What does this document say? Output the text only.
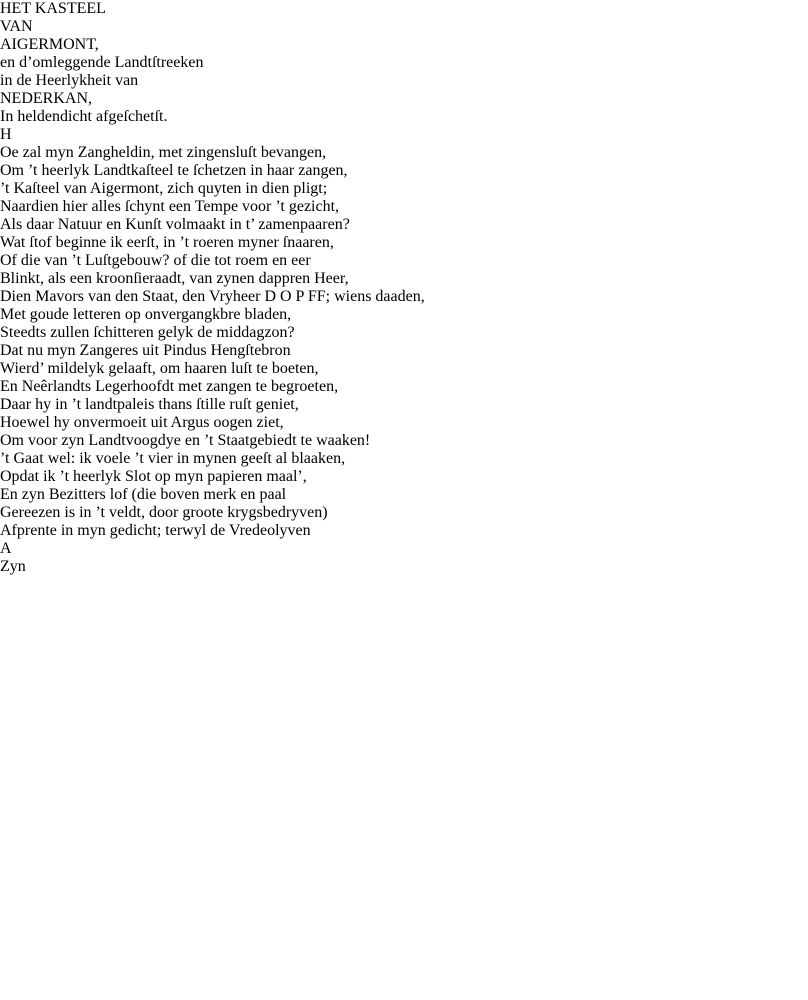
HET KASTEEL
VAN
AIGERMONT,
en d’omleggende Landtſtreeken
in de Heerlykheit van
NEDERKAN,
In heldendicht afgeſchetſt.
H
Oe zal myn Zangheldin, met zingensluſt bevangen,
Om ’t heerlyk Landtkaſteel te ſchetzen in haar zangen,
’t Kaſteel van Aigermont, zich quyten in dien pligt;
Naardien hier alles ſchynt een Tempe voor ’t gezicht,
Als daar Natuur en Kunſt volmaakt in t’ zamenpaaren?
Wat ſtof beginne ik eerſt, in ’t roeren myner ſnaaren,
Of die van ’t Luſtgebouw? of die tot roem en eer
Blinkt, als een kroonſieraadt, van zynen dappren Heer,
Dien Mavors van den Staat, den Vryheer D O P FF; wiens daaden,
Met goude letteren op onvergangkbre bladen,
Steedts zullen ſchitteren gelyk de middagzon?
Dat nu myn Zangeres uit Pindus Hengſtebron
Wierd’ mildelyk gelaaft, om haaren luſt te boeten,
En Neêrlandts Legerhoofdt met zangen te begroeten,
Daar hy in ’t landtpaleis thans ſtille ruſt geniet,
Hoewel hy onvermoeit uit Argus oogen ziet,
Om voor zyn Landtvoogdye en ’t Staatgebiedt te waaken!
’t Gaat wel: ik voele ’t vier in mynen geeſt al blaaken,
Opdat ik ’t heerlyk Slot op myn papieren maal’,
En zyn Bezitters lof (die boven merk en paal
Gereezen is in ’t veldt, door groote krygsbedryven)
Afprente in myn gedicht; terwyl de Vredeolyven
A
Zyn
